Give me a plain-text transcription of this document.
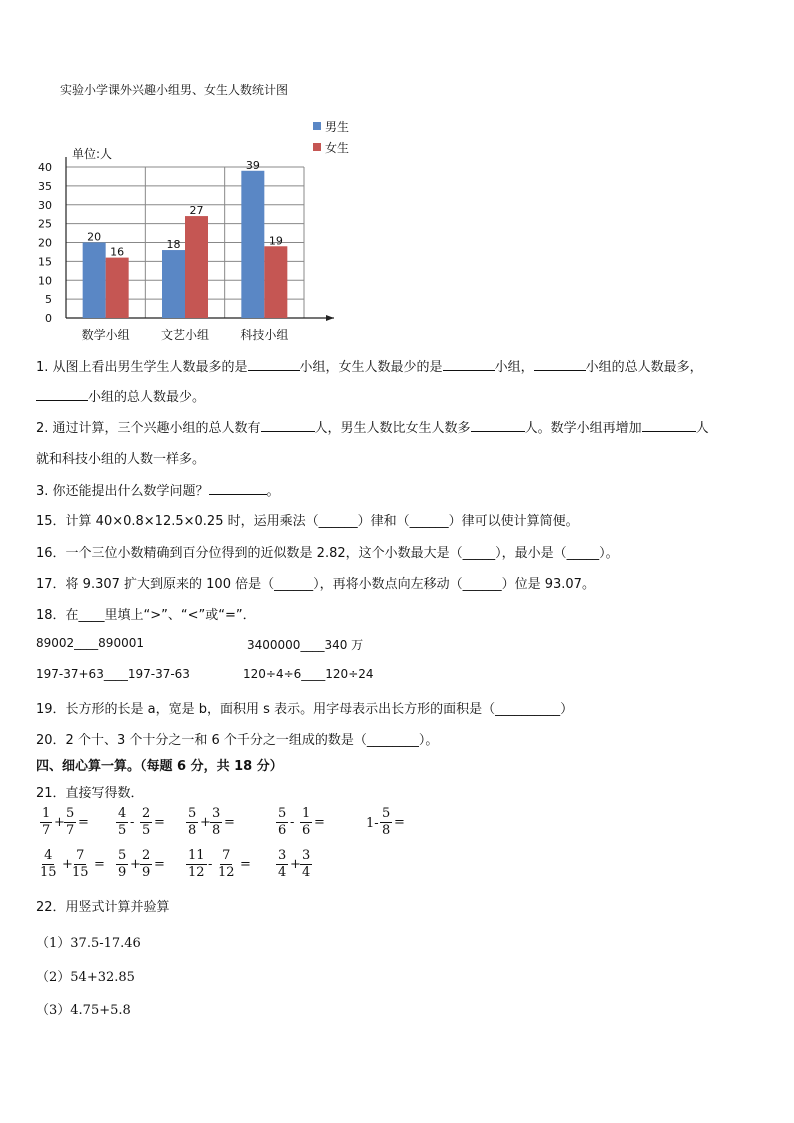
实验小学课外兴趣小组男、女生人数统计图
0
5
10
15
20
25
30
35
40
单位:人
20
16
数学小组
18
27
文艺小组
39
19
科技小组
男生
女生
1. 从图上看出男生学生人数最多的是	小组，女生人数最少的是	小组，	小组的总人数最多，
小组的总人数最少。
2. 通过计算，三个兴趣小组的总人数有	人，男生人数比女生人数多	人。数学小组再增加	人
就和科技小组的人数一样多。
3. 你还能提出什么数学问题？	。
15．计算 40×0.8×12.5×0.25 时，运用乘法（______）律和（______）律可以使计算简便。
16．一个三位小数精确到百分位得到的近似数是 2.82，这个小数最大是（_____），最小是（_____）。
17．将 9.307 扩大到原来的 100 倍是（______），再将小数点向左移动（______）位是 93.07。
18．在____里填上“>”、“<”或“=”．
89002____890001	3400000____340 万
197-37+63____197-37-63	120÷4÷6____120÷24
19．长方形的长是 a，宽是 b，面积用 s 表示。用字母表示出长方形的面积是（__________）
20．2 个十、3 个十分之一和 6 个千分之一组成的数是（________）。
四、细心算一算。（每题 6 分，共 18 分）
21．直接写得数．
$\frac{1}{7} + \frac{5}{7} = \frac{4}{5} - \frac{2}{5} = \frac{5}{8} + \frac{3}{8}$ =	$\frac{5}{6} - \frac{1}{6}$ =	$1- \frac{5}{8}$ =
$\frac{4}{15} + \frac{7}{15} = \frac{5}{9} + \frac{2}{9} = \frac{11}{12} - \frac{7}{12} = \frac{3}{4} + \frac{3}{4}$
22．用竖式计算并验算
（1）37.5-17.46
（2）54+32.85
（3）4.75+5.8
